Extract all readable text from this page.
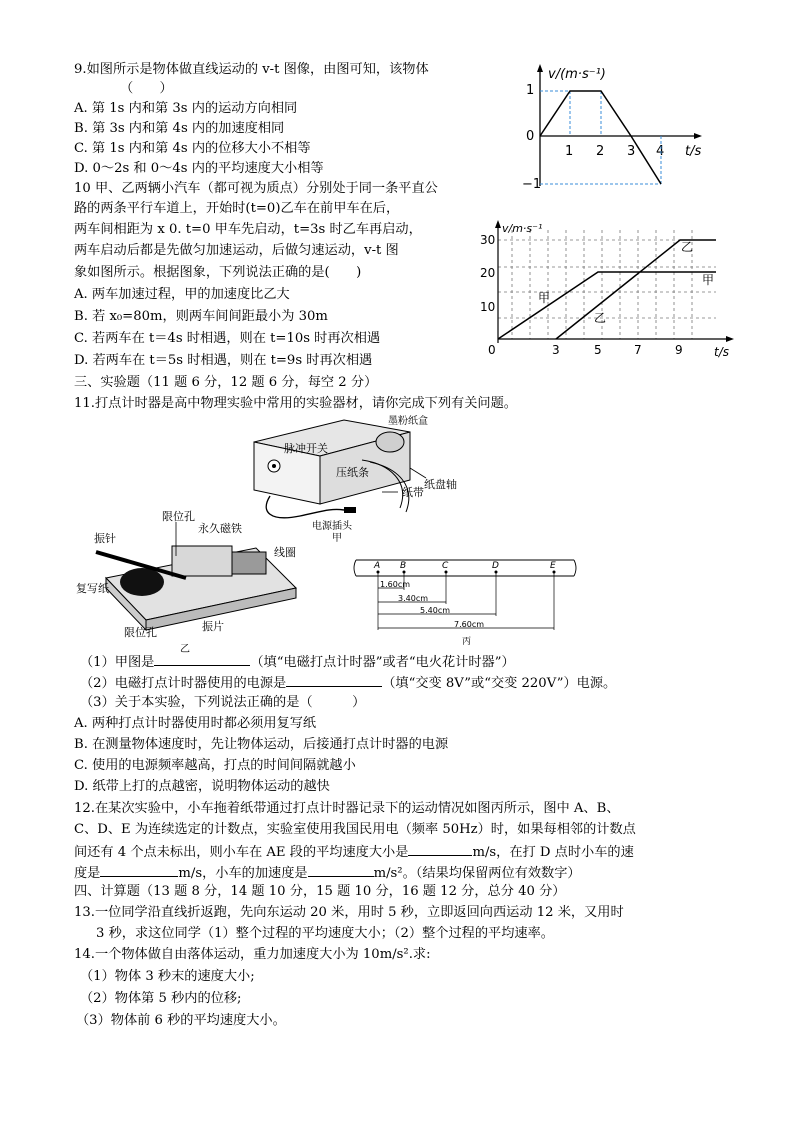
9.如图所示是物体做直线运动的 v-t 图像，由图可知，该物体
（　　）
A. 第 1s 内和第 3s 内的运动方向相同
B. 第 3s 内和第 4s 内的加速度相同
C. 第 1s 内和第 4s 内的位移大小不相等
D. 0～2s 和 0～4s 内的平均速度大小相等
v/(m·s⁻¹)
t/s
1
0
−1
1 2 3 4
10 甲、乙两辆小汽车（都可视为质点）分别处于同一条平直公
路的两条平行车道上，开始时(t=0)乙车在前甲车在后，
两车间相距为 x 0. t=0 甲车先启动，t=3s 时乙车再启动，
两车启动后都是先做匀加速运动，后做匀速运动，v-t 图
象如图所示。根据图象，下列说法正确的是(　　)
A. 两车加速过程，甲的加速度比乙大
B. 若 x₀=80m，则两车间间距最小为 30m
C. 若两车在 t＝4s 时相遇，则在 t=10s 时再次相遇
D. 若两车在 t＝5s 时相遇，则在 t=9s 时再次相遇
v/m·s⁻¹
t/s
30
20
10
0	3	5	7	9
甲
乙
乙
甲
三、实验题（11 题 6 分，12 题 6 分，每空 2 分）
11.打点计时器是高中物理实验中常用的实验器材，请你完成下列有关问题。
脉冲开关
墨粉纸盒
压纸条
纸盘轴
纸带
电源插头
甲
限位孔
永久磁铁
振针
线圈
复写纸
限位孔	振片
乙
A B	C	D	E
1.60cm
3.40cm
5.40cm
7.60cm
丙
（1）甲图是	（填“电磁打点计时器”或者“电火花计时器”）
（2）电磁打点计时器使用的电源是	（填“交变 8V”或“交变 220V”）电源。
（3）关于本实验，下列说法正确的是（　　　）
A. 两种打点计时器使用时都必须用复写纸
B. 在测量物体速度时，先让物体运动，后接通打点计时器的电源
C. 使用的电源频率越高，打点的时间间隔就越小
D. 纸带上打的点越密，说明物体运动的越快
12.在某次实验中，小车拖着纸带通过打点计时器记录下的运动情况如图丙所示，图中 A、B、
C、D、E 为连续选定的计数点，实验室使用我国民用电（频率 50Hz）时，如果每相邻的计数点
间还有 4 个点未标出，则小车在 AE 段的平均速度大小是	m/s，在打 D 点时小车的速
度是	m/s，小车的加速度是	m/s²。（结果均保留两位有效数字）
四、计算题（13 题 8 分，14 题 10 分，15 题 10 分，16 题 12 分，总分 40 分）
13.一位同学沿直线折返跑，先向东运动 20 米，用时 5 秒，立即返回向西运动 12 米，又用时
3 秒，求这位同学（1）整个过程的平均速度大小；（2）整个过程的平均速率。
14.一个物体做自由落体运动，重力加速度大小为 10m/s².求:
（1）物体 3 秒末的速度大小;
（2）物体第 5 秒内的位移;
（3）物体前 6 秒的平均速度大小。
